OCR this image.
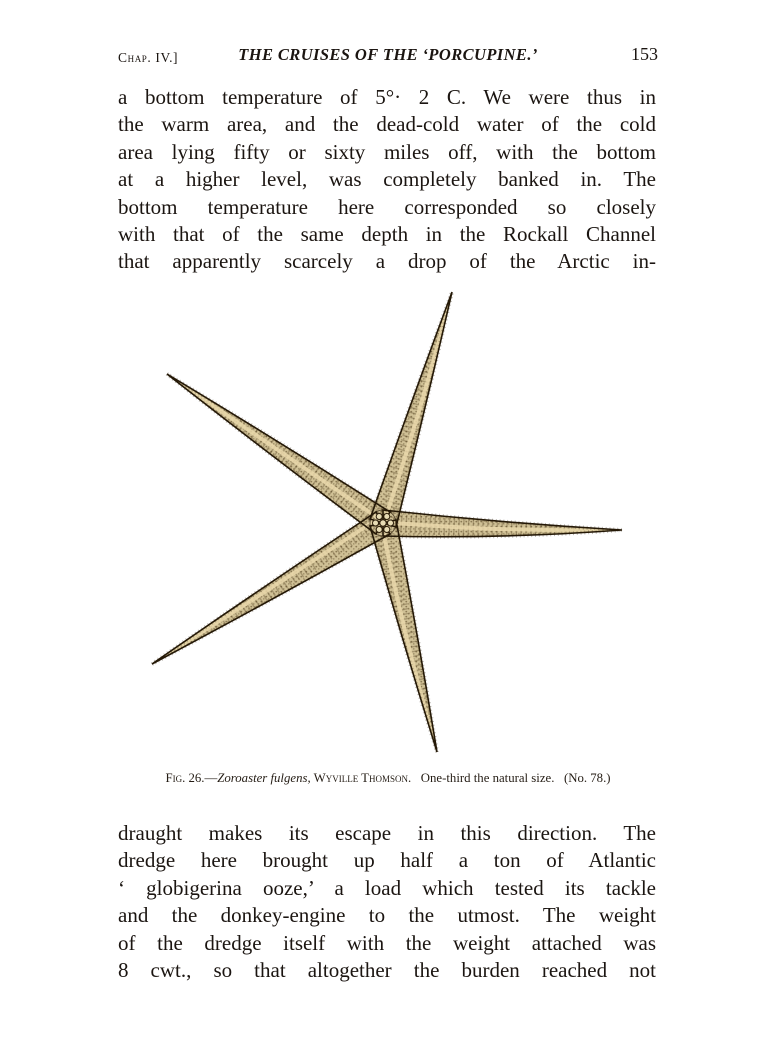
Chap. IV.]	THE CRUISES OF THE ‘PORCUPINE.’	153
a bottom temperature of 5°· 2 C. We were thus in
the warm area, and the dead-cold water of the cold
area lying fifty or sixty miles off, with the bottom
at a higher level, was completely banked in. The
bottom temperature here corresponded so closely
with that of the same depth in the Rockall Channel
that apparently scarcely a drop of the Arctic in-
Fig. 26.—Zoroaster fulgens, Wyville Thomson.   One-third the natural size.   (No. 78.)
draught makes its escape in this direction. The
dredge here brought up half a ton of Atlantic
‘ globigerina ooze,’ a load which tested its tackle
and the donkey-engine to the utmost. The weight
of the dredge itself with the weight attached was
8 cwt., so that altogether the burden reached not
